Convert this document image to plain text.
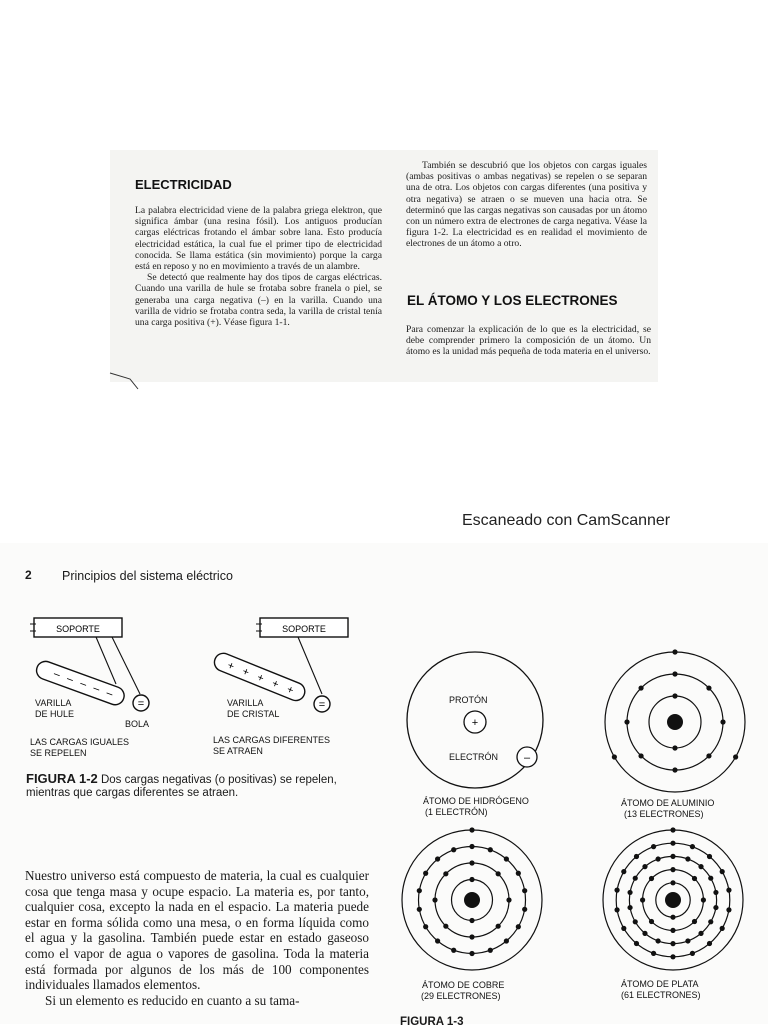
ELECTRICIDAD

La palabra electricidad viene de la palabra griega elektron, que significa ámbar (una resina fósil). Los antiguos producían cargas eléctricas frotando el ámbar sobre lana. Esto producía electricidad estática, la cual fue el primer tipo de electricidad conocida. Se llama estática (sin movimiento) porque la carga está en reposo y no en movimiento a través de un alambre.

Se detectó que realmente hay dos tipos de cargas eléctricas. Cuando una varilla de hule se frotaba sobre franela o piel, se generaba una carga negativa (–) en la varilla. Cuando una varilla de vidrio se frotaba contra seda, la varilla de cristal tenía una carga positiva (+). Véase figura 1-1.

También se descubrió que los objetos con cargas iguales (ambas positivas o ambas negativas) se repelen o se separan una de otra. Los objetos con cargas diferentes (una positiva y otra negativa) se atraen o se mueven una hacia otra. Se determinó que las cargas negativas son causadas por un átomo con un número extra de electrones de carga negativa. Véase la figura 1-2. La electricidad es en realidad el movimiento de electrones de un átomo a otro.

EL ÁTOMO Y LOS ELECTRONES

Para comenzar la explicación de lo que es la electricidad, se debe comprender primero la composición de un átomo. Un átomo es la unidad más pequeña de toda materia en el universo.

Escaneado con CamScanner
2 Principios del sistema eléctrico
SOPORTE
– – – – –
=
SOPORTE
+ + + + +
=
VARILLA
DE HULE
BOLA
VARILLA
DE CRISTAL
LAS CARGAS IGUALES
SE REPELEN
LAS CARGAS DIFERENTES
SE ATRAEN
FIGURA 1-2 Dos cargas negativas (o positivas) se repelen, mientras que cargas diferentes se atraen.
+
–
PROTÓN
ELECTRÓN
ÁTOMO DE HIDRÓGENO
(1 ELECTRÓN)
ÁTOMO DE ALUMINIO
(13 ELECTRONES)
ÁTOMO DE COBRE
(29 ELECTRONES)
ÁTOMO DE PLATA
(61 ELECTRONES)

Nuestro universo está compuesto de materia, la cual es cualquier cosa que tenga masa y ocupe espacio. La materia es, por tanto, cualquier cosa, excepto la nada en el espacio. La materia puede estar en forma sólida como una mesa, o en forma líquida como el agua y la gasolina. También puede estar en estado gaseoso como el vapor de agua o vapores de gasolina. Toda la materia está formada por algunos de los más de 100 componentes individuales llamados elementos.

Si un elemento es reducido en cuanto a su tama-

FIGURA 1-3
